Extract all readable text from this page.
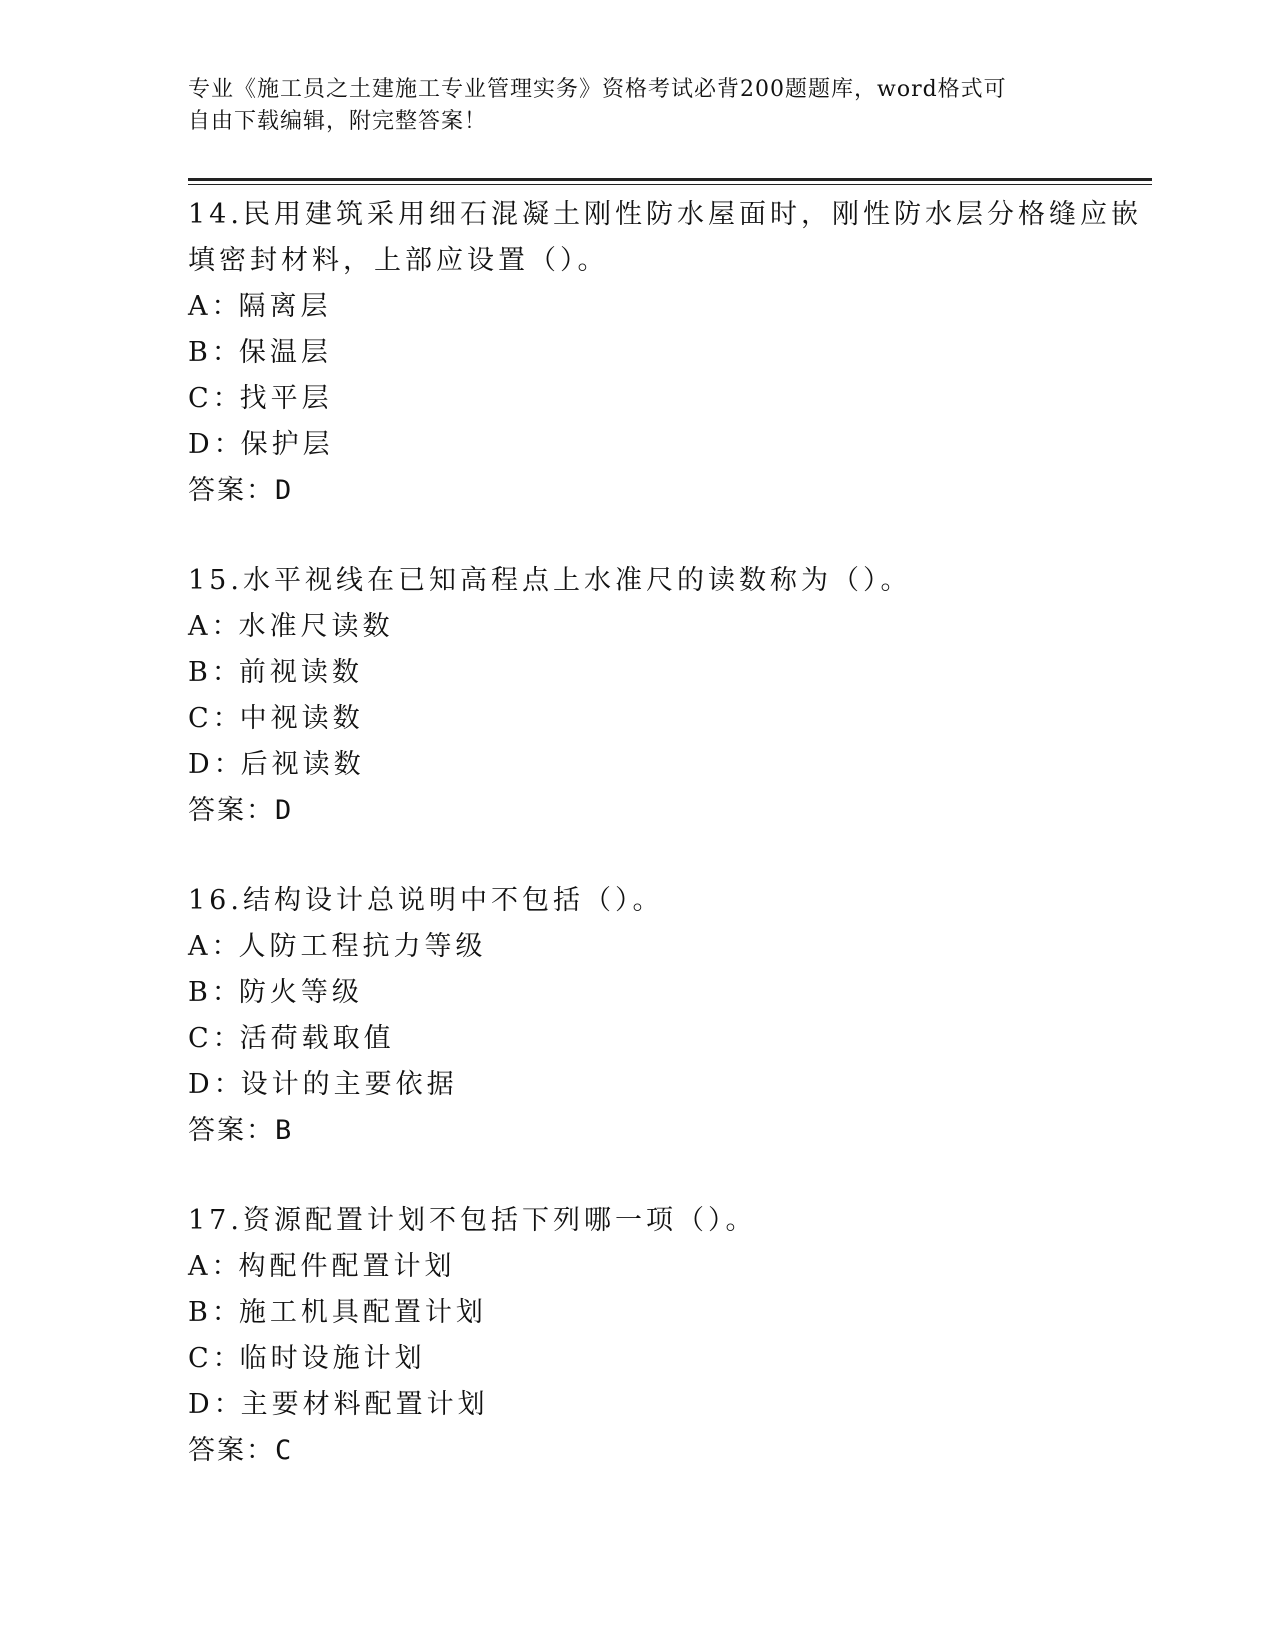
专业《施工员之土建施工专业管理实务》资格考试必背200题题库，word格式可
自由下载编辑，附完整答案！
14.民用建筑采用细石混凝土刚性防水屋面时，刚性防水层分格缝应嵌
填密封材料，上部应设置（）。
A：隔离层
B：保温层
C：找平层
D：保护层
答案：D
15.水平视线在已知高程点上水准尺的读数称为（）。
A：水准尺读数
B：前视读数
C：中视读数
D：后视读数
答案：D
16.结构设计总说明中不包括（）。
A：人防工程抗力等级
B：防火等级
C：活荷载取值
D：设计的主要依据
答案：B
17.资源配置计划不包括下列哪一项（）。
A：构配件配置计划
B：施工机具配置计划
C：临时设施计划
D：主要材料配置计划
答案：C
